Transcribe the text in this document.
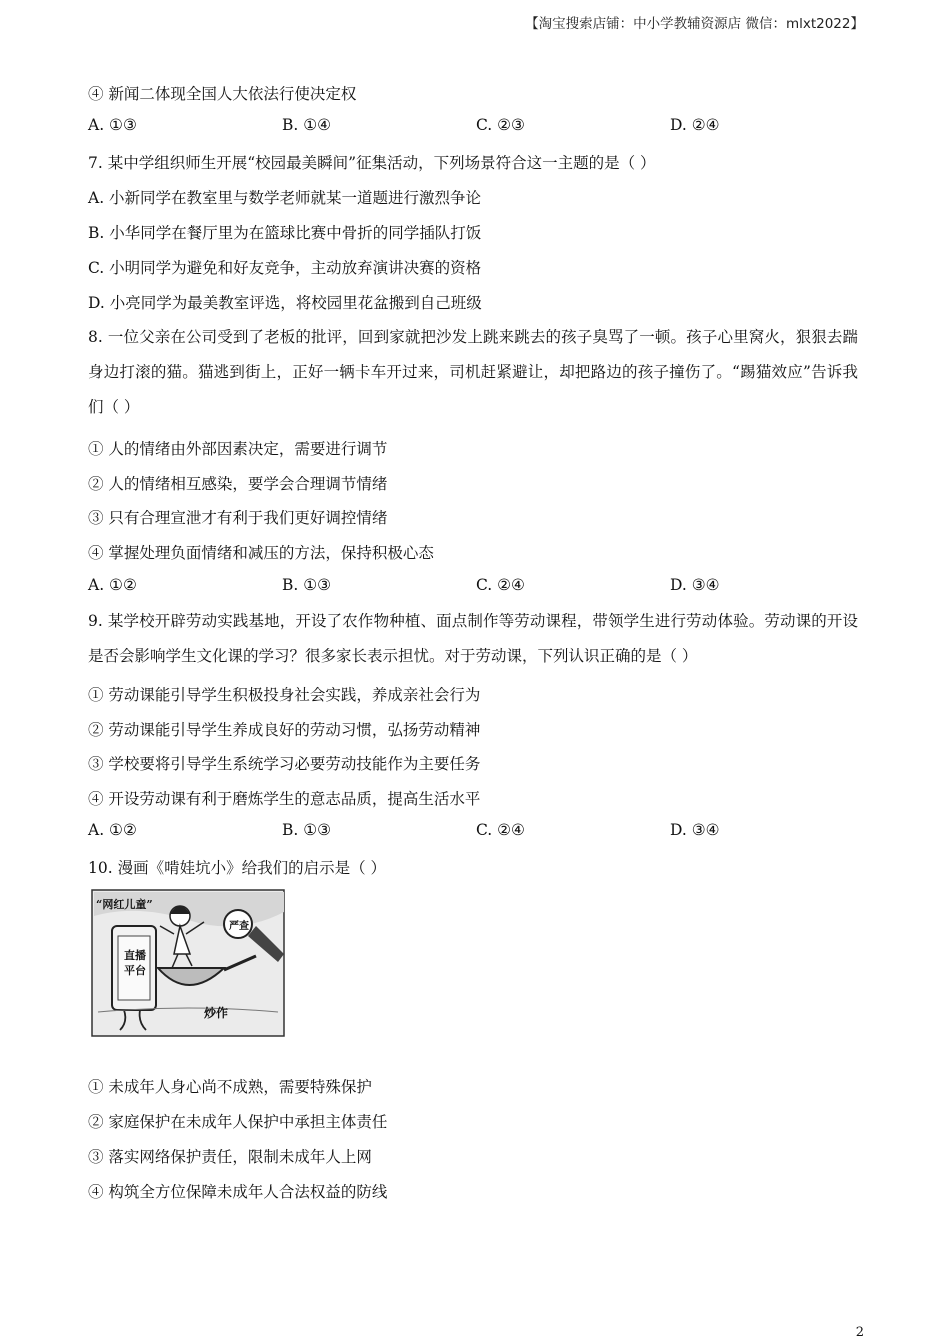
【淘宝搜索店铺：中小学教辅资源店 微信：mlxt2022】
④ 新闻二体现全国人大依法行使决定权
A. ①③	B. ①④	C. ②③	D. ②④
7. 某中学组织师生开展“校园最美瞬间”征集活动，下列场景符合这一主题的是（ ）
A. 小新同学在教室里与数学老师就某一道题进行激烈争论
B. 小华同学在餐厅里为在篮球比赛中骨折的同学插队打饭
C. 小明同学为避免和好友竞争，主动放弃演讲决赛的资格
D. 小亮同学为最美教室评选，将校园里花盆搬到自己班级
8. 一位父亲在公司受到了老板的批评，回到家就把沙发上跳来跳去的孩子臭骂了一顿。孩子心里窝火，狠狠去踹身边打滚的猫。猫逃到街上，正好一辆卡车开过来，司机赶紧避让，却把路边的孩子撞伤了。“踢猫效应”告诉我们（ ）
① 人的情绪由外部因素决定，需要进行调节
② 人的情绪相互感染，要学会合理调节情绪
③ 只有合理宣泄才有利于我们更好调控情绪
④ 掌握处理负面情绪和减压的方法，保持积极心态
A. ①②	B. ①③	C. ②④	D. ③④
9. 某学校开辟劳动实践基地，开设了农作物种植、面点制作等劳动课程，带领学生进行劳动体验。劳动课的开设是否会影响学生文化课的学习？很多家长表示担忧。对于劳动课，下列认识正确的是（ ）
① 劳动课能引导学生积极投身社会实践，养成亲社会行为
② 劳动课能引导学生养成良好的劳动习惯，弘扬劳动精神
③ 学校要将引导学生系统学习必要劳动技能作为主要任务
④ 开设劳动课有利于磨炼学生的意志品质，提高生活水平
A. ①②	B. ①③	C. ②④	D. ③④
10. 漫画《啃娃坑小》给我们的启示是（ ）
“网红儿童”
严查
直播平台
炒作
① 未成年人身心尚不成熟，需要特殊保护
② 家庭保护在未成年人保护中承担主体责任
③ 落实网络保护责任，限制未成年人上网
④ 构筑全方位保障未成年人合法权益的防线
2
